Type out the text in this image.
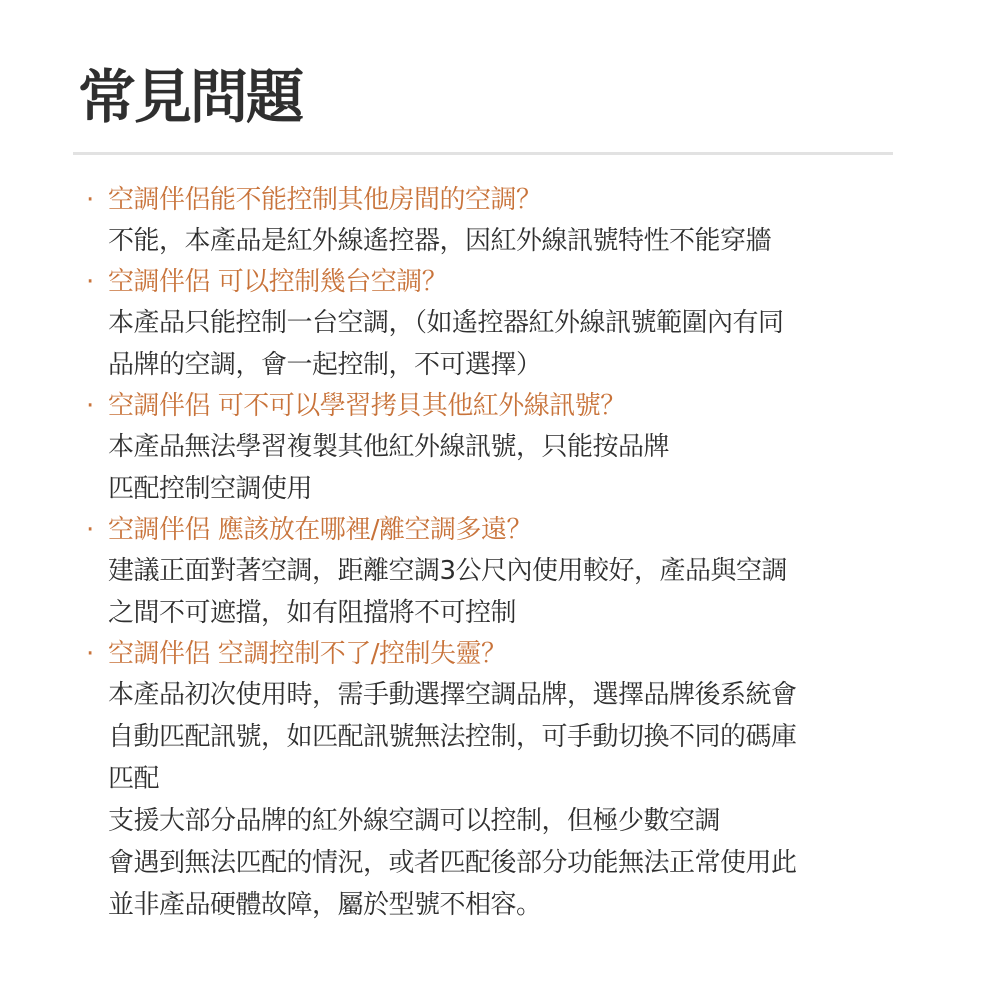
常見問題
· 空調伴侶能不能控制其他房間的空調？
不能，本產品是紅外線遙控器，因紅外線訊號特性不能穿牆
· 空調伴侶 可以控制幾台空調？
本產品只能控制一台空調，（如遙控器紅外線訊號範圍內有同
品牌的空調，會一起控制，不可選擇）
· 空調伴侶 可不可以學習拷貝其他紅外線訊號？
本產品無法學習複製其他紅外線訊號，只能按品牌
匹配控制空調使用
· 空調伴侶 應該放在哪裡/離空調多遠？
建議正面對著空調，距離空調3公尺內使用較好，產品與空調
之間不可遮擋，如有阻擋將不可控制
· 空調伴侶 空調控制不了/控制失靈？
本產品初次使用時，需手動選擇空調品牌，選擇品牌後系統會
自動匹配訊號，如匹配訊號無法控制，可手動切換不同的碼庫
匹配
支援大部分品牌的紅外線空調可以控制，但極少數空調
會遇到無法匹配的情況，或者匹配後部分功能無法正常使用此
並非產品硬體故障，屬於型號不相容。
